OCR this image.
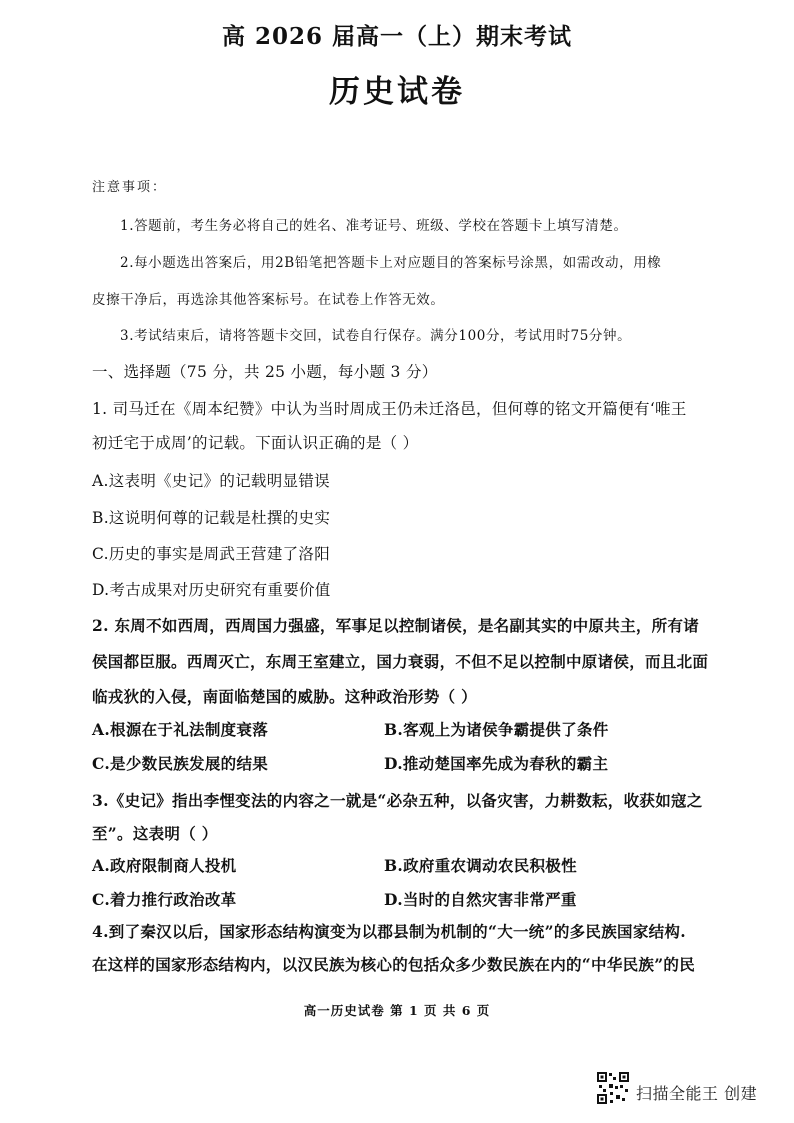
高 2026 届高一（上）期末考试
历史试卷
注意事项：
1.答题前，考生务必将自己的姓名、准考证号、班级、学校在答题卡上填写清楚。
2.每小题选出答案后，用2B铅笔把答题卡上对应题目的答案标号涂黑，如需改动，用橡
皮擦干净后，再选涂其他答案标号。在试卷上作答无效。
3.考试结束后，请将答题卡交回，试卷自行保存。满分100分，考试用时75分钟。
一、选择题（75 分，共 25 小题，每小题 3 分）
1. 司马迁在《周本纪赞》中认为当时周成王仍未迁洛邑，但何尊的铭文开篇便有‘唯王
初迁宅于成周’的记载。下面认识正确的是（ ）
A.这表明《史记》的记载明显错误
B.这说明何尊的记载是杜撰的史实
C.历史的事实是周武王营建了洛阳
D.考古成果对历史研究有重要价值
2. 东周不如西周，西周国力强盛，军事足以控制诸侯，是名副其实的中原共主，所有诸
侯国都臣服。西周灭亡，东周王室建立，国力衰弱，不但不足以控制中原诸侯，而且北面
临戎狄的入侵，南面临楚国的威胁。这种政治形势（ ）
A.根源在于礼法制度衰落	B.客观上为诸侯争霸提供了条件
C.是少数民族发展的结果	D.推动楚国率先成为春秋的霸主
3.《史记》指出李悝变法的内容之一就是“必杂五种，以备灾害，力耕数耘，收获如寇之
至”。这表明（ ）
A.政府限制商人投机	B.政府重农调动农民积极性
C.着力推行政治改革	D.当时的自然灾害非常严重
4.到了秦汉以后，国家形态结构演变为以郡县制为机制的“大一统”的多民族国家结构.
在这样的国家形态结构内，以汉民族为核心的包括众多少数民族在内的“中华民族”的民
高一历史试卷 第 1 页 共 6 页
扫描全能王 创建
